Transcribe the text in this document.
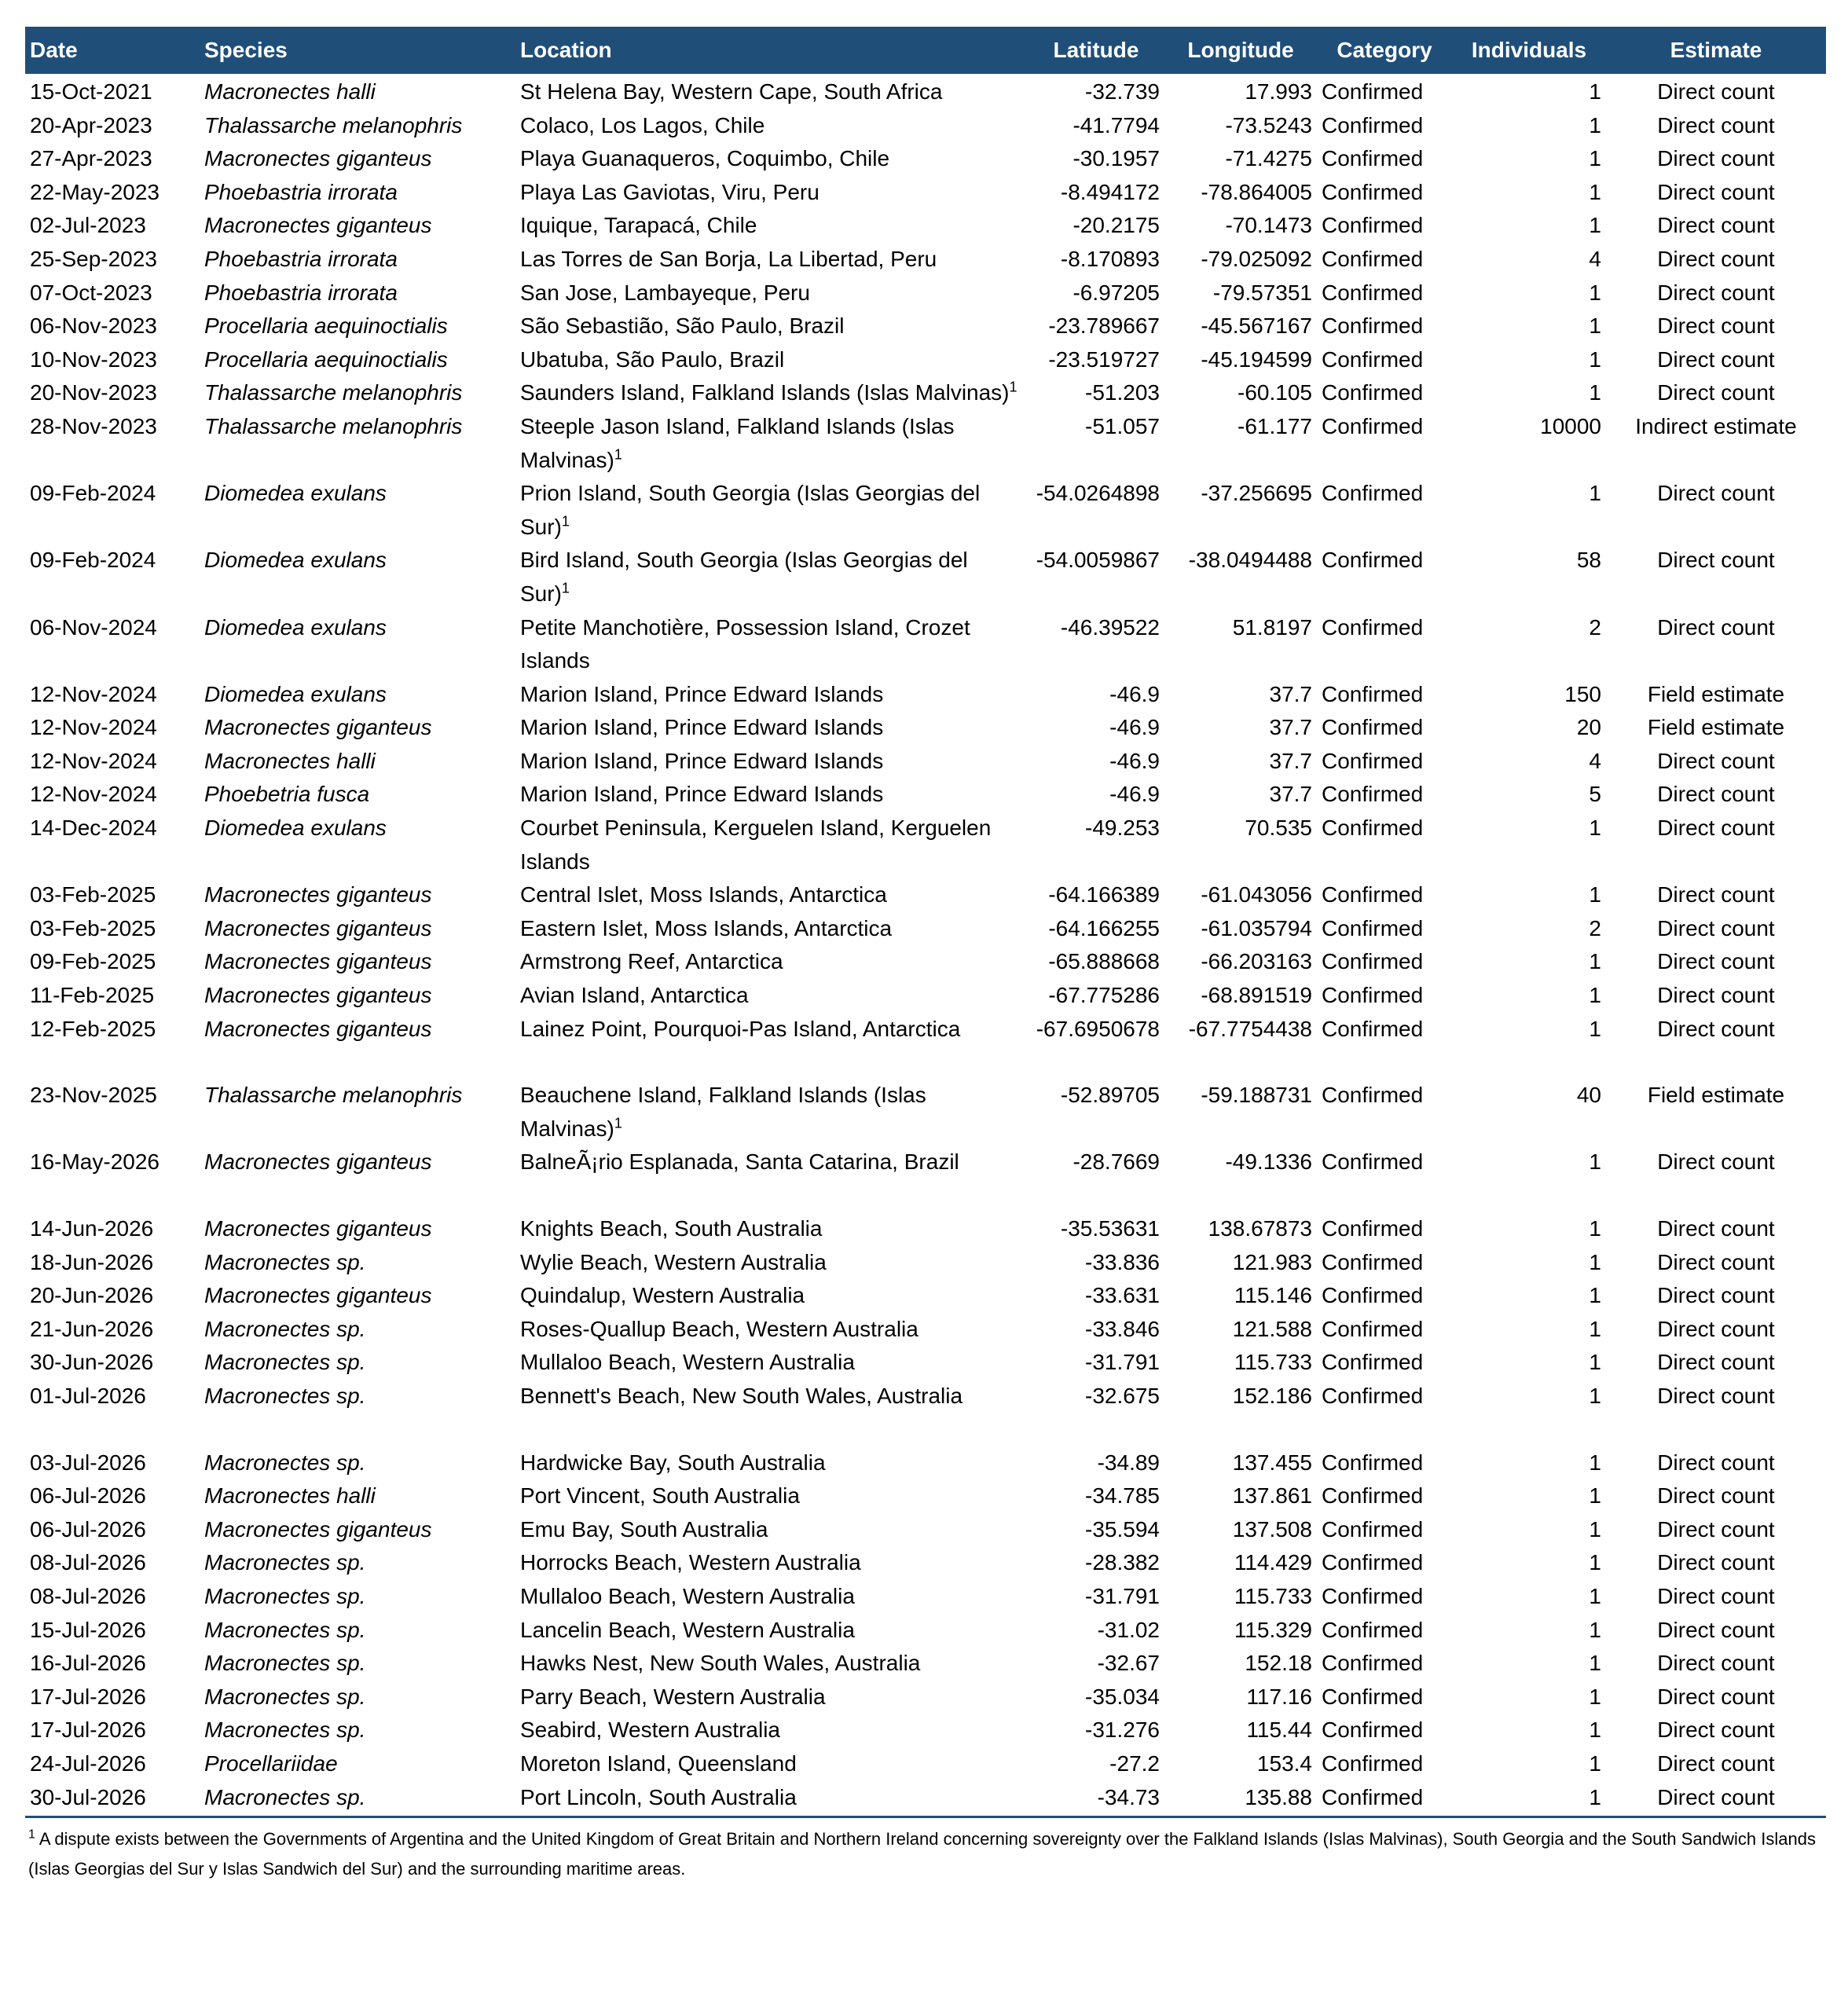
Date	Species	Location	Latitude	Longitude	Category	Individuals	Estimate
15-Oct-2021	Macronectes halli	St Helena Bay, Western Cape, South Africa	-32.739	17.993	Confirmed	1	Direct count
20-Apr-2023	Thalassarche melanophris	Colaco, Los Lagos, Chile	-41.7794	-73.5243	Confirmed	1	Direct count
27-Apr-2023	Macronectes giganteus	Playa Guanaqueros, Coquimbo, Chile	-30.1957	-71.4275	Confirmed	1	Direct count
22-May-2023	Phoebastria irrorata	Playa Las Gaviotas, Viru, Peru	-8.494172	-78.864005	Confirmed	1	Direct count
02-Jul-2023	Macronectes giganteus	Iquique, Tarapacá, Chile	-20.2175	-70.1473	Confirmed	1	Direct count
25-Sep-2023	Phoebastria irrorata	Las Torres de San Borja, La Libertad, Peru	-8.170893	-79.025092	Confirmed	4	Direct count
07-Oct-2023	Phoebastria irrorata	San Jose, Lambayeque, Peru	-6.97205	-79.57351	Confirmed	1	Direct count
06-Nov-2023	Procellaria aequinoctialis	São Sebastião, São Paulo, Brazil	-23.789667	-45.567167	Confirmed	1	Direct count
10-Nov-2023	Procellaria aequinoctialis	Ubatuba, São Paulo, Brazil	-23.519727	-45.194599	Confirmed	1	Direct count
20-Nov-2023	Thalassarche melanophris	Saunders Island, Falkland Islands (Islas Malvinas)$^1$	-51.203	-60.105	Confirmed	1	Direct count
28-Nov-2023	Thalassarche melanophris	Steeple Jason Island, Falkland Islands (Islas Malvinas)$^1$	-51.057	-61.177	Confirmed	10000	Indirect estimate
09-Feb-2024	Diomedea exulans	Prion Island, South Georgia (Islas Georgias del Sur)$^1$	-54.0264898	-37.256695	Confirmed	1	Direct count
09-Feb-2024	Diomedea exulans	Bird Island, South Georgia (Islas Georgias del Sur)$^1$	-54.0059867	-38.0494488	Confirmed	58	Direct count
06-Nov-2024	Diomedea exulans	Petite Manchotière, Possession Island, Crozet Islands	-46.39522	51.8197	Confirmed	2	Direct count
12-Nov-2024	Diomedea exulans	Marion Island, Prince Edward Islands	-46.9	37.7	Confirmed	150	Field estimate
12-Nov-2024	Macronectes giganteus	Marion Island, Prince Edward Islands	-46.9	37.7	Confirmed	20	Field estimate
12-Nov-2024	Macronectes halli	Marion Island, Prince Edward Islands	-46.9	37.7	Confirmed	4	Direct count
12-Nov-2024	Phoebetria fusca	Marion Island, Prince Edward Islands	-46.9	37.7	Confirmed	5	Direct count
14-Dec-2024	Diomedea exulans	Courbet Peninsula, Kerguelen Island, Kerguelen Islands	-49.253	70.535	Confirmed	1	Direct count
03-Feb-2025	Macronectes giganteus	Central Islet, Moss Islands, Antarctica	-64.166389	-61.043056	Confirmed	1	Direct count
03-Feb-2025	Macronectes giganteus	Eastern Islet, Moss Islands, Antarctica	-64.166255	-61.035794	Confirmed	2	Direct count
09-Feb-2025	Macronectes giganteus	Armstrong Reef, Antarctica	-65.888668	-66.203163	Confirmed	1	Direct count
11-Feb-2025	Macronectes giganteus	Avian Island, Antarctica	-67.775286	-68.891519	Confirmed	1	Direct count
12-Feb-2025	Macronectes giganteus	Lainez Point, Pourquoi-Pas Island, Antarctica	-67.6950678	-67.7754438	Confirmed	1	Direct count

23-Nov-2025	Thalassarche melanophris	Beauchene Island, Falkland Islands (Islas Malvinas)$^1$	-52.89705	-59.188731	Confirmed	40	Field estimate
16-May-2026	Macronectes giganteus	BalneÃ¡rio Esplanada, Santa Catarina, Brazil	-28.7669	-49.1336	Confirmed	1	Direct count

14-Jun-2026	Macronectes giganteus	Knights Beach, South Australia	-35.53631	138.67873	Confirmed	1	Direct count
18-Jun-2026	Macronectes sp.	Wylie Beach, Western Australia	-33.836	121.983	Confirmed	1	Direct count
20-Jun-2026	Macronectes giganteus	Quindalup, Western Australia	-33.631	115.146	Confirmed	1	Direct count
21-Jun-2026	Macronectes sp.	Roses-Quallup Beach, Western Australia	-33.846	121.588	Confirmed	1	Direct count
30-Jun-2026	Macronectes sp.	Mullaloo Beach, Western Australia	-31.791	115.733	Confirmed	1	Direct count
01-Jul-2026	Macronectes sp.	Bennett's Beach, New South Wales, Australia	-32.675	152.186	Confirmed	1	Direct count

03-Jul-2026	Macronectes sp.	Hardwicke Bay, South Australia	-34.89	137.455	Confirmed	1	Direct count
06-Jul-2026	Macronectes halli	Port Vincent, South Australia	-34.785	137.861	Confirmed	1	Direct count
06-Jul-2026	Macronectes giganteus	Emu Bay, South Australia	-35.594	137.508	Confirmed	1	Direct count
08-Jul-2026	Macronectes sp.	Horrocks Beach, Western Australia	-28.382	114.429	Confirmed	1	Direct count
08-Jul-2026	Macronectes sp.	Mullaloo Beach, Western Australia	-31.791	115.733	Confirmed	1	Direct count
15-Jul-2026	Macronectes sp.	Lancelin Beach, Western Australia	-31.02	115.329	Confirmed	1	Direct count
16-Jul-2026	Macronectes sp.	Hawks Nest, New South Wales, Australia	-32.67	152.18	Confirmed	1	Direct count
17-Jul-2026	Macronectes sp.	Parry Beach, Western Australia	-35.034	117.16	Confirmed	1	Direct count
17-Jul-2026	Macronectes sp.	Seabird, Western Australia	-31.276	115.44	Confirmed	1	Direct count
24-Jul-2026	Procellariidae	Moreton Island, Queensland	-27.2	153.4	Confirmed	1	Direct count
30-Jul-2026	Macronectes sp.	Port Lincoln, South Australia	-34.73	135.88	Confirmed	1	Direct count
$^1$ A dispute exists between the Governments of Argentina and the United Kingdom of Great Britain and Northern Ireland concerning sovereignty over the Falkland Islands (Islas Malvinas), South Georgia and the South Sandwich Islands (Islas Georgias del Sur y Islas Sandwich del Sur) and the surrounding maritime areas.
